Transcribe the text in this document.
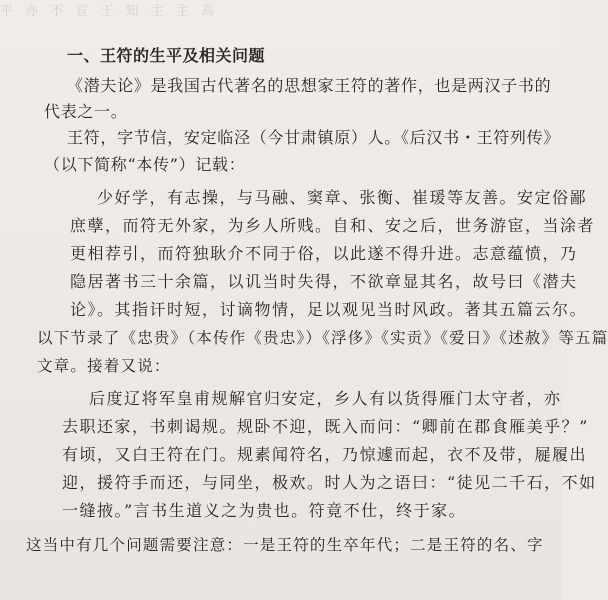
平 亦 不 宣 王 知 主 主 高
一、王符的生平及相关问题
《潜夫论》是我国古代著名的思想家王符的著作，也是两汉子书的
代表之一。
王符，字节信，安定临泾（今甘肃镇原）人。《后汉书・王符列传》
（以下简称“本传”）记载：
少好学，有志操，与马融、窦章、张衡、崔瑗等友善。安定俗鄙
庶孽，而符无外家，为乡人所贱。自和、安之后，世务游宦，当涂者
更相荐引，而符独耿介不同于俗，以此遂不得升进。志意蕴愤，乃
隐居著书三十余篇，以讥当时失得，不欲章显其名，故号曰《潜夫
论》。其指讦时短，讨谪物情，足以观见当时风政。著其五篇云尔。
以下节录了《忠贵》（本传作《贵忠》）《浮侈》《实贡》《爱日》《述赦》等五篇
文章。接着又说：
后度辽将军皇甫规解官归安定，乡人有以货得雁门太守者，亦
去职还家，书刺谒规。规卧不迎，既入而问：“卿前在郡食雁美乎？”
有顷，又白王符在门。规素闻符名，乃惊遽而起，衣不及带，屣履出
迎，援符手而还，与同坐，极欢。时人为之语曰：“徒见二千石，不如
一缝掖。”言书生道义之为贵也。符竟不仕，终于家。
这当中有几个问题需要注意：一是王符的生卒年代；二是王符的名、字
